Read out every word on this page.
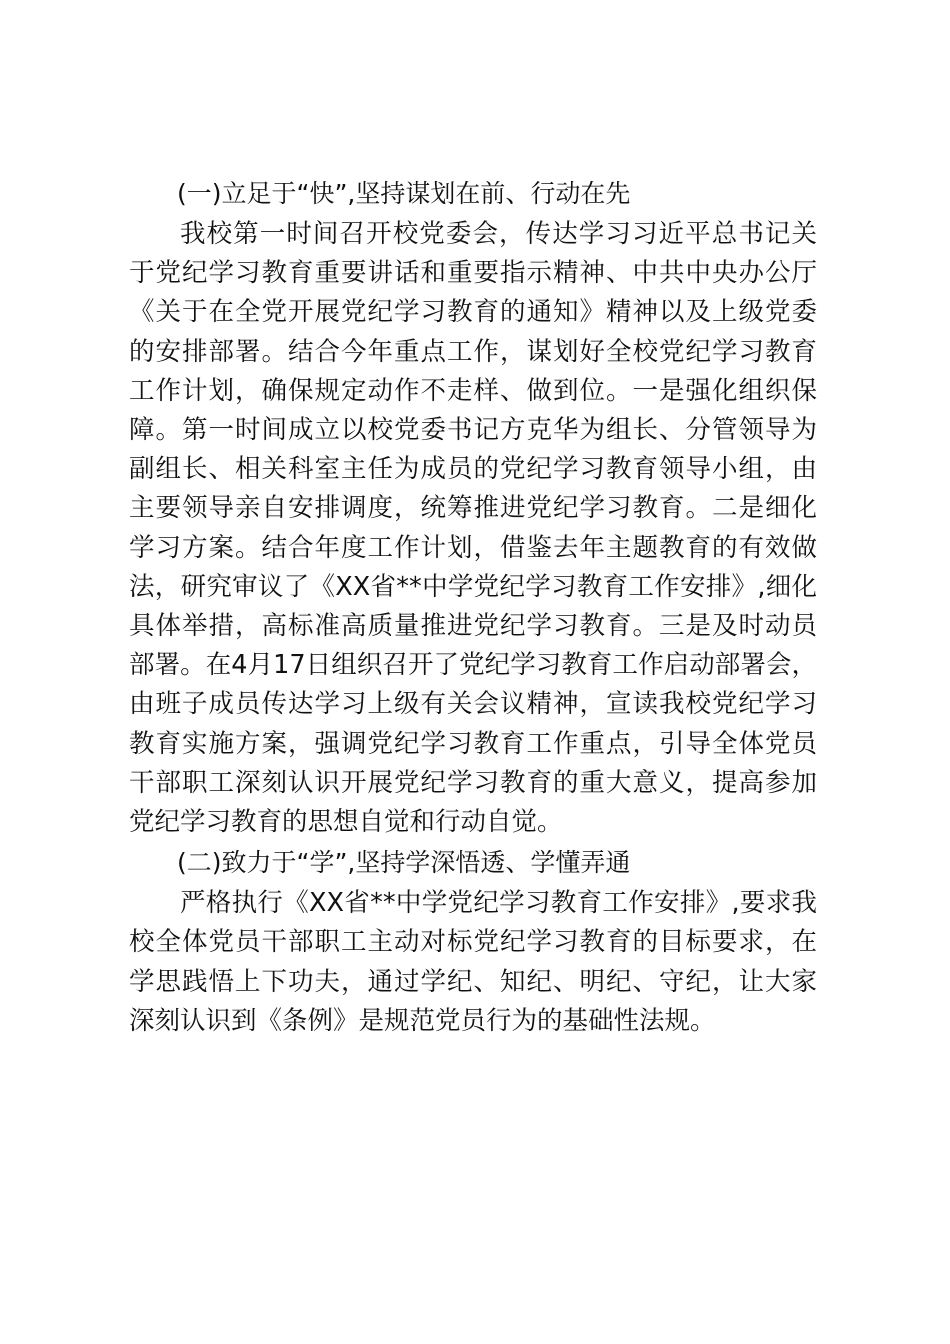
(一)立足于“快”,坚持谋划在前、行动在先

我校第一时间召开校党委会，传达学习习近平总书记关于党纪学习教育重要讲话和重要指示精神、中共中央办公厅《关于在全党开展党纪学习教育的通知》精神以及上级党委的安排部署。结合今年重点工作，谋划好全校党纪学习教育工作计划，确保规定动作不走样、做到位。一是强化组织保障。第一时间成立以校党委书记方克华为组长、分管领导为副组长、相关科室主任为成员的党纪学习教育领导小组，由主要领导亲自安排调度，统筹推进党纪学习教育。二是细化学习方案。结合年度工作计划，借鉴去年主题教育的有效做法，研究审议了《XX省**中学党纪学习教育工作安排》,细化具体举措，高标准高质量推进党纪学习教育。三是及时动员部署。在4月17日组织召开了党纪学习教育工作启动部署会，由班子成员传达学习上级有关会议精神，宣读我校党纪学习教育实施方案，强调党纪学习教育工作重点，引导全体党员干部职工深刻认识开展党纪学习教育的重大意义，提高参加党纪学习教育的思想自觉和行动自觉。

(二)致力于“学”,坚持学深悟透、学懂弄通

严格执行《XX省**中学党纪学习教育工作安排》,要求我校全体党员干部职工主动对标党纪学习教育的目标要求，在学思践悟上下功夫，通过学纪、知纪、明纪、守纪，让大家深刻认识到《条例》是规范党员行为的基础性法规。
